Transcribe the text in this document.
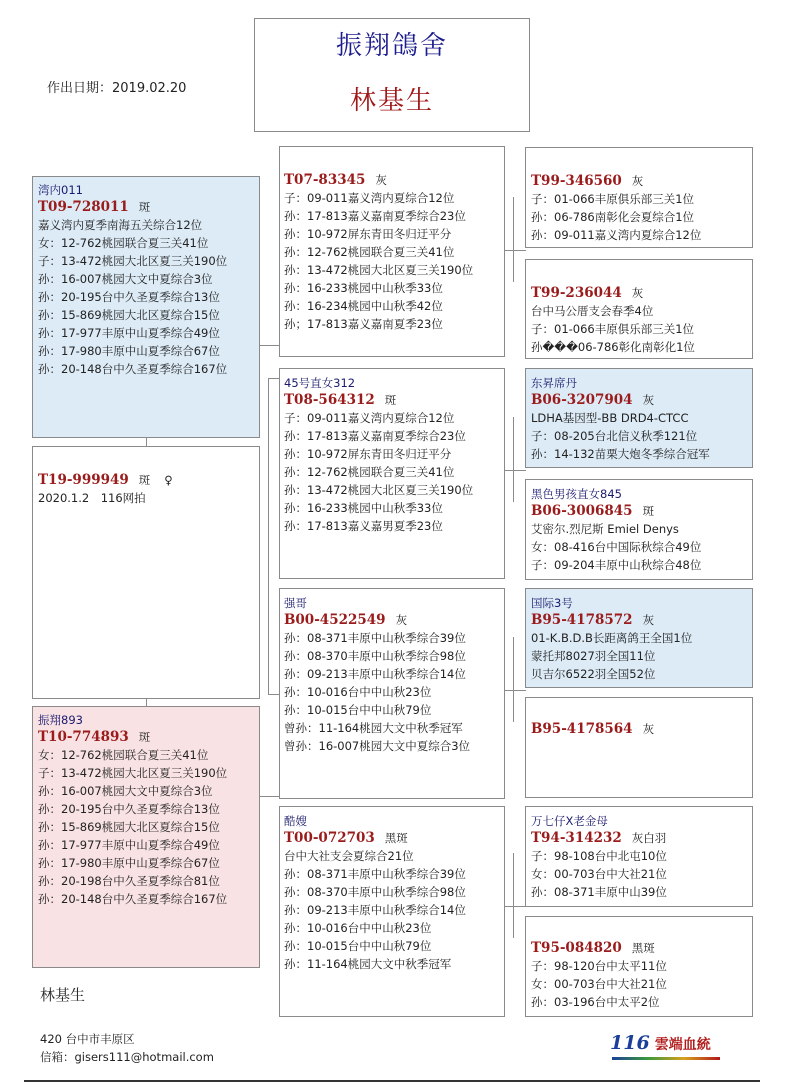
振翔鴿舍
林基生
作出日期：2019.02.20
湾内011
T09-728011 斑
嘉义湾内夏季南海五关综合12位
女：12-762桃园联合夏三关41位
子：13-472桃园大北区夏三关190位
孙：16-007桃园大文中夏综合3位
孙：20-195台中久圣夏季综合13位
孙：15-869桃园大北区夏综合15位
孙：17-977丰原中山夏季综合49位
孙：17-980丰原中山夏季综合67位
孙：20-148台中久圣夏季综合167位
T19-999949 斑 ♀
2020.1.2　116网拍
振翔893
T10-774893 斑
女：12-762桃园联合夏三关41位
子：13-472桃园大北区夏三关190位
孙：16-007桃园大文中夏综合3位
孙：20-195台中久圣夏季综合13位
孙：15-869桃园大北区夏综合15位
孙：17-977丰原中山夏季综合49位
孙：17-980丰原中山夏季综合67位
孙：20-198台中久圣夏季综合81位
孙：20-148台中久圣夏季综合167位
T07-83345 灰
子：09-011嘉义湾内夏综合12位
孙：17-813嘉义嘉南夏季综合23位
孙：10-972屏东青田冬归迂平分
孙：12-762桃园联合夏三关41位
孙：13-472桃园大北区夏三关190位
孙：16-233桃园中山秋季33位
孙：16-234桃园中山秋季42位
孙；17-813嘉义嘉南夏季23位
45号直女312
T08-564312 斑
子：09-011嘉义湾内夏综合12位
孙：17-813嘉义嘉南夏季综合23位
孙：10-972屏东青田冬归迂平分
孙：12-762桃园联合夏三关41位
孙：13-472桃园大北区夏三关190位
孙：16-233桃园中山秋季33位
孙：17-813嘉义嘉男夏季23位
强哥
B00-4522549 灰
孙：08-371丰原中山秋季综合39位
孙：08-370丰原中山秋季综合98位
孙：09-213丰原中山秋季综合14位
孙：10-016台中中山秋23位
孙：10-015台中中山秋79位
曾孙：11-164桃园大文中秋季冠军
曾孙：16-007桃园大文中夏综合3位
酷嫂
T00-072703 黑斑
台中大社支会夏综合21位
孙：08-371丰原中山秋季综合39位
孙：08-370丰原中山秋季综合98位
孙：09-213丰原中山秋季综合14位
孙：10-016台中中山秋23位
孙：10-015台中中山秋79位
孙：11-164桃园大文中秋季冠军
T99-346560 灰
子：01-066丰原俱乐部三关1位
孙：06-786南彰化会夏综合1位
孙：09-011嘉义湾内夏综合12位
T99-236044 灰
台中马公厝支会春季4位
子：01-066丰原俱乐部三关1位
孙���06-786彰化南彰化1位
东昇席丹
B06-3207904 灰
LDHA基因型-BB DRD4-CTCC
子：08-205台北信义秋季121位
孙：14-132苗栗大炮冬季综合冠军
黑色男孩直女845
B06-3006845 斑
艾密尔.烈尼斯 Emiel Denys
女：08-416台中国际秋综合49位
子：09-204丰原中山秋综合48位
国际3号
B95-4178572 灰
01-K.B.D.B长距离鸽王全国1位
蒙托邦8027羽全国11位
贝吉尔6522羽全国52位
B95-4178564 灰
万七仔X老金母
T94-314232 灰白羽
子：98-108台中北屯10位
女：00-703台中大社21位
孙：08-371丰原中山39位
T95-084820 黑斑
子：98-120台中太平11位
女：00-703台中大社21位
孙：03-196台中太平2位
林基生
420 台中市丰原区
信箱：gisers111@hotmail.com
116 雲端血統
